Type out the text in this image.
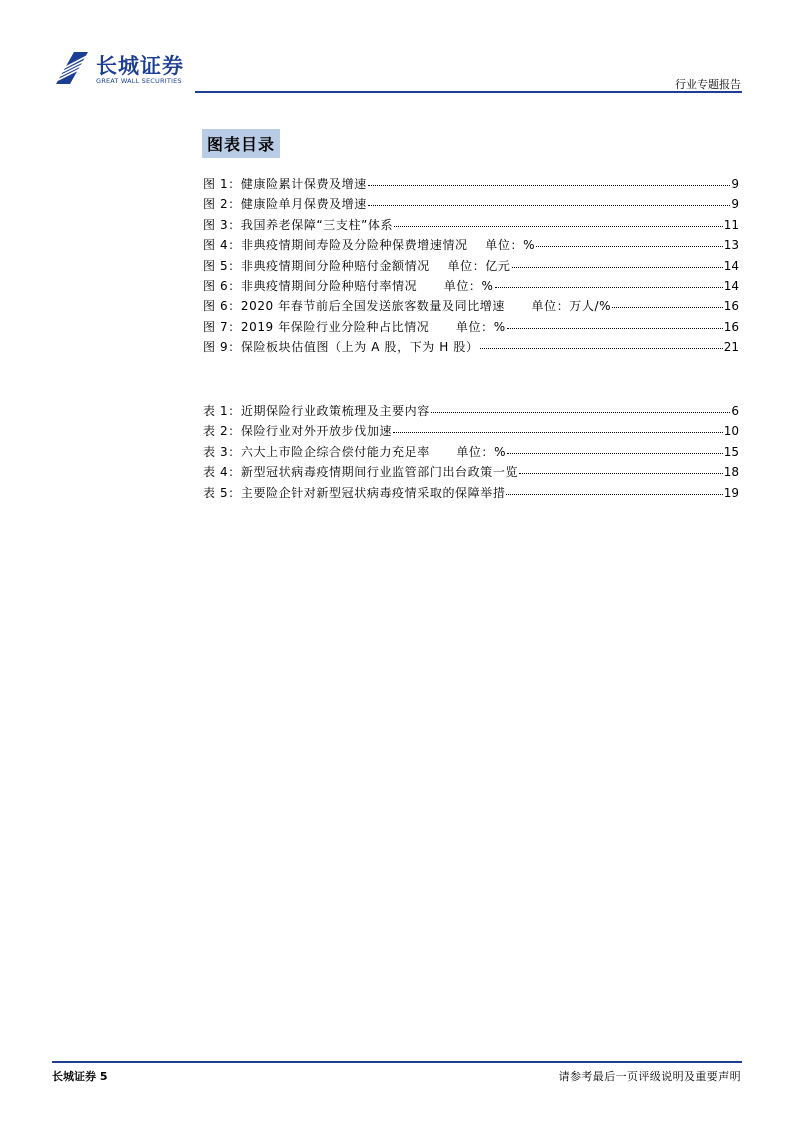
长城证券
GREAT WALL SECURITIES	行业专题报告
图表目录
图 1：健康险累计保费及增速	9
图 2：健康险单月保费及增速	9
图 3：我国养老保障“三支柱”体系	11
图 4：非典疫情期间寿险及分险种保费增速情况    单位：%	13
图 5：非典疫情期间分险种赔付金额情况    单位：亿元	14
图 6：非典疫情期间分险种赔付率情况      单位：%	14
图 6：2020 年春节前后全国发送旅客数量及同比增速      单位：万人/%	16
图 7：2019 年保险行业分险种占比情况      单位：%	16
图 9：保险板块估值图（上为 A 股，下为 H 股）	21
表 1：近期保险行业政策梳理及主要内容	6
表 2：保险行业对外开放步伐加速	10
表 3：六大上市险企综合偿付能力充足率      单位：%	15
表 4：新型冠状病毒疫情期间行业监管部门出台政策一览	18
表 5：主要险企针对新型冠状病毒疫情采取的保障举措	19
长城证券 5	请参考最后一页评级说明及重要声明
